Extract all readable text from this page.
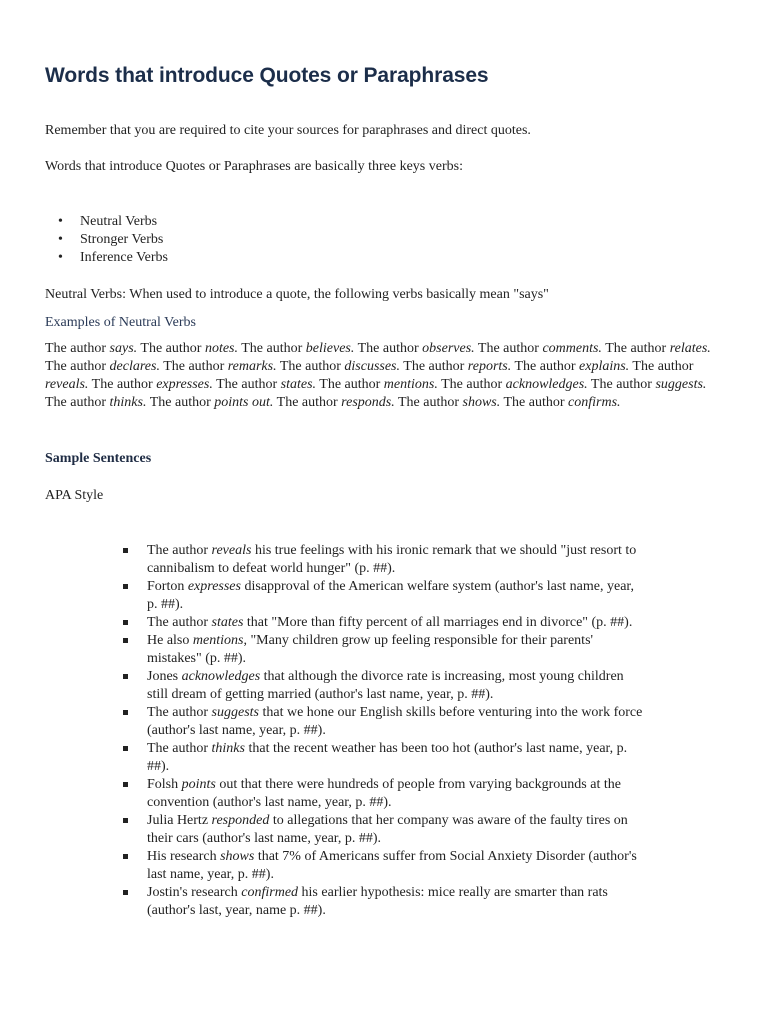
Words that introduce Quotes or Paraphrases

Remember that you are required to cite your sources for paraphrases and direct quotes.

Words that introduce Quotes or Paraphrases are basically three keys verbs:

• Neutral Verbs
• Stronger Verbs
• Inference Verbs

Neutral Verbs: When used to introduce a quote, the following verbs basically mean "says"

Examples of Neutral Verbs

The author says. The author notes. The author believes. The author observes. The author comments. The author relates. The author declares. The author remarks. The author discusses. The author reports. The author explains. The author reveals. The author expresses. The author states. The author mentions. The author acknowledges. The author suggests. The author thinks. The author points out. The author responds. The author shows. The author confirms.

Sample Sentences

APA Style

The author reveals his true feelings with his ironic remark that we should "just resort to cannibalism to defeat world hunger" (p. ##).
Forton expresses disapproval of the American welfare system (author's last name, year, p. ##).
The author states that "More than fifty percent of all marriages end in divorce" (p. ##).
He also mentions, "Many children grow up feeling responsible for their parents' mistakes" (p. ##).
Jones acknowledges that although the divorce rate is increasing, most young children still dream of getting married (author's last name, year, p. ##).
The author suggests that we hone our English skills before venturing into the work force (author's last name, year, p. ##).
The author thinks that the recent weather has been too hot (author's last name, year, p. ##).
Folsh points out that there were hundreds of people from varying backgrounds at the convention (author's last name, year, p. ##).
Julia Hertz responded to allegations that her company was aware of the faulty tires on their cars (author's last name, year, p. ##).
His research shows that 7% of Americans suffer from Social Anxiety Disorder (author's last name, year, p. ##).
Jostin's research confirmed his earlier hypothesis: mice really are smarter than rats (author's last, year, name p. ##).
